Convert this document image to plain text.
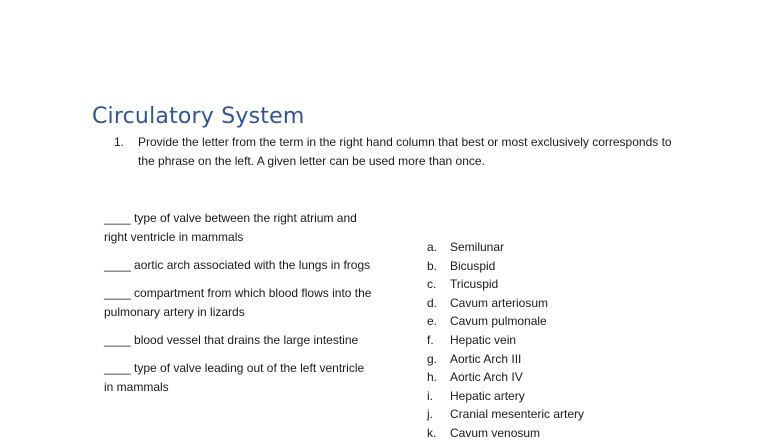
Circulatory System
1.	Provide the letter from the term in the right hand column that best or most exclusively corresponds to the phrase on the left. A given letter can be used more than once.
____ type of valve between the right atrium and right ventricle in mammals
____ aortic arch associated with the lungs in frogs
____ compartment from which blood flows into the pulmonary artery in lizards
____ blood vessel that drains the large intestine
____ type of valve leading out of the left ventricle in mammals
a.	Semilunar
b.	Bicuspid
c.	Tricuspid
d.	Cavum arteriosum
e.	Cavum pulmonale
f.	Hepatic vein
g.	Aortic Arch III
h.	Aortic Arch IV
i.	Hepatic artery
j.	Cranial mesenteric artery
k.	Cavum venosum
